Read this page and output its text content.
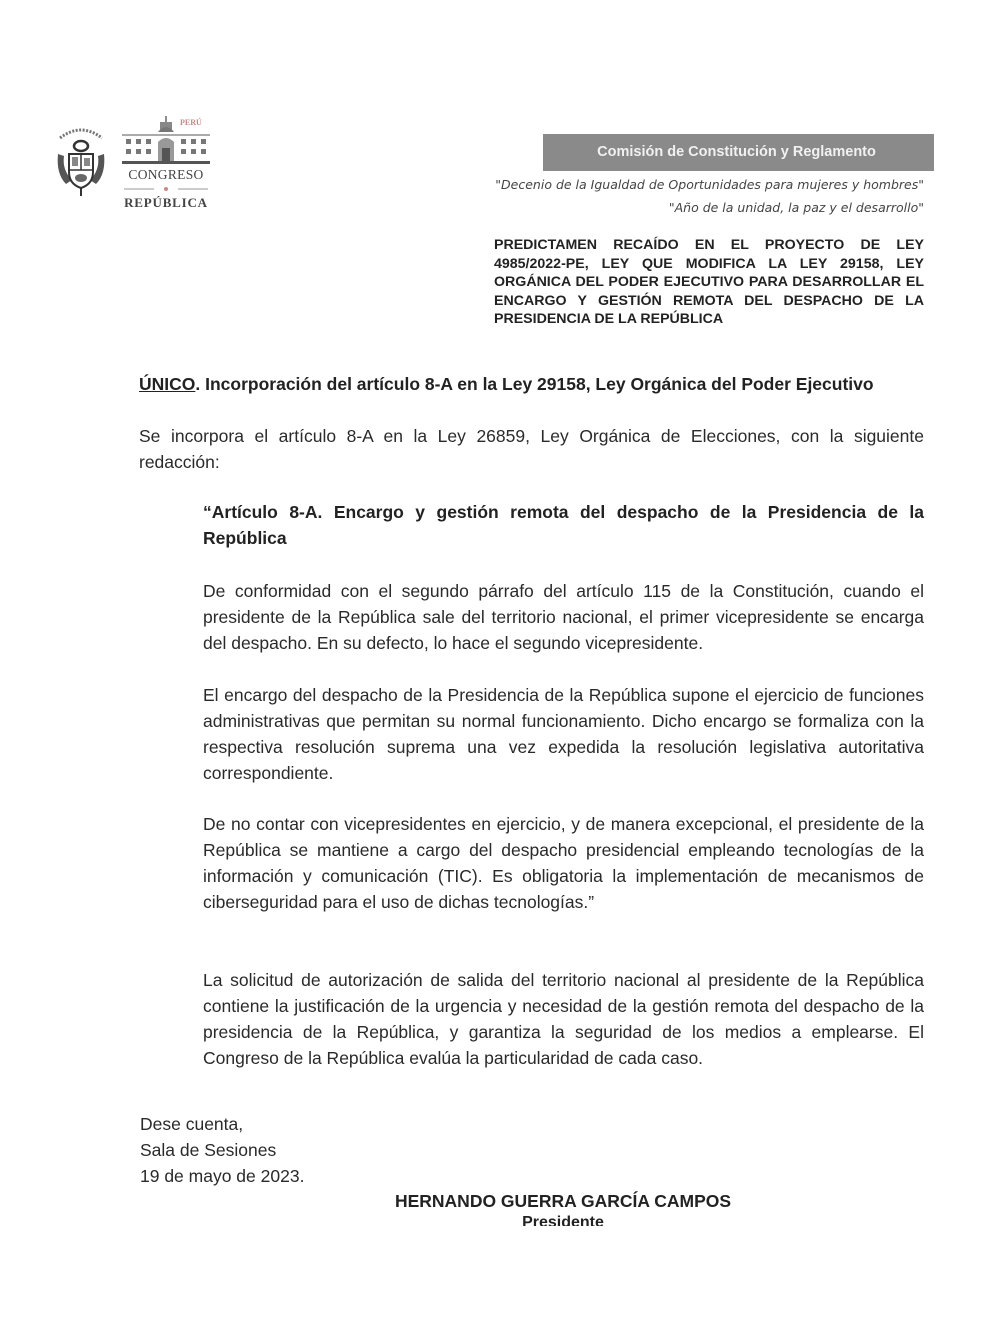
PERÚ
CONGRESO
REPÚBLICA
Comisión de Constitución y Reglamento
"Decenio de la Igualdad de Oportunidades para mujeres y hombres"
"Año de la unidad, la paz y el desarrollo"
PREDICTAMEN RECAÍDO EN EL PROYECTO DE LEY 4985/2022-PE, LEY QUE MODIFICA LA LEY 29158, LEY ORGÁNICA DEL PODER EJECUTIVO PARA DESARROLLAR EL ENCARGO Y GESTIÓN REMOTA DEL DESPACHO DE LA PRESIDENCIA DE LA REPÚBLICA
ÚNICO. Incorporación del artículo 8-A en la Ley 29158, Ley Orgánica del Poder Ejecutivo
Se incorpora el artículo 8-A en la Ley 26859, Ley Orgánica de Elecciones, con la siguiente redacción:
“Artículo 8-A. Encargo y gestión remota del despacho de la Presidencia de la República
De conformidad con el segundo párrafo del artículo 115 de la Constitución, cuando el presidente de la República sale del territorio nacional, el primer vicepresidente se encarga del despacho. En su defecto, lo hace el segundo vicepresidente.
El encargo del despacho de la Presidencia de la República supone el ejercicio de funciones administrativas que permitan su normal funcionamiento. Dicho encargo se formaliza con la respectiva resolución suprema una vez expedida la resolución legislativa autoritativa correspondiente.
De no contar con vicepresidentes en ejercicio, y de manera excepcional, el presidente de la República se mantiene a cargo del despacho presidencial empleando tecnologías de la información y comunicación (TIC). Es obligatoria la implementación de mecanismos de ciberseguridad para el uso de dichas tecnologías.”
La solicitud de autorización de salida del territorio nacional al presidente de la República contiene la justificación de la urgencia y necesidad de la gestión remota del despacho de la presidencia de la República, y garantiza la seguridad de los medios a emplearse. El Congreso de la República evalúa la particularidad de cada caso.
Dese cuenta,
Sala de Sesiones
19 de mayo de 2023.
HERNANDO GUERRA GARCÍA CAMPOS
Presidente
